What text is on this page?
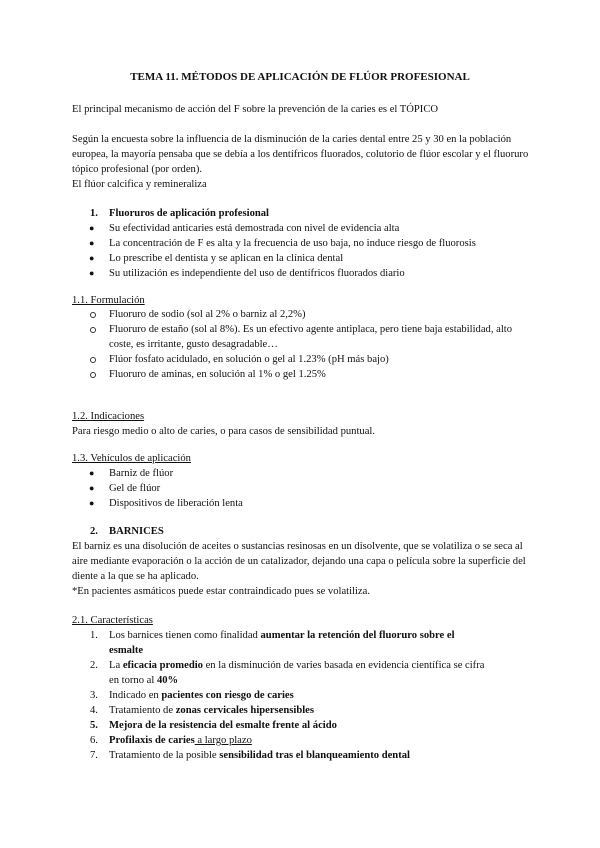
TEMA 11. MÉTODOS DE APLICACIÓN DE FLÚOR PROFESIONAL

El principal mecanismo de acción del F sobre la prevención de la caries es el TÓPICO

Según la encuesta sobre la influencia de la disminución de la caries dental entre 25 y 30 en la población europea, la mayoría pensaba que se debía a los dentífricos fluorados, colutorio de flúor escolar y el fluoruro tópico profesional (por orden).

El flúor calcifica y remineraliza

1. Fluoruros de aplicación profesional
● Su efectividad anticaries está demostrada con nivel de evidencia alta
● La concentración de F es alta y la frecuencia de uso baja, no induce riesgo de fluorosis
● Lo prescribe el dentista y se aplican en la clínica dental
● Su utilización es independiente del uso de dentífricos fluorados diario

1.1. Formulación

Fluoruro de sodio (sol al 2% o barniz al 2,2%)
Fluoruro de estaño (sol al 8%). Es un efectivo agente antiplaca, pero tiene baja estabilidad, alto coste, es irritante, gusto desagradable…
Flúor fosfato acidulado, en solución o gel al 1.23% (pH más bajo)
Fluoruro de aminas, en solución al 1% o gel 1.25%

1.2. Indicaciones

Para riesgo medio o alto de caries, o para casos de sensibilidad puntual.

1.3. Vehículos de aplicación

● Barniz de flúor
● Gel de flúor
● Dispositivos de liberación lenta
2. BARNICES

El barniz es una disolución de aceites o sustancias resinosas en un disolvente, que se volatiliza o se seca al aire mediante evaporación o la acción de un catalizador, dejando una capa o película sobre la superficie del diente a la que se ha aplicado.

*En pacientes asmáticos puede estar contraindicado pues se volatiliza.

2.1. Características

1. Los barnices tienen como finalidad aumentar la retención del fluoruro sobre el
esmalte
2. La eficacia promedio en la disminución de varies basada en evidencia científica se cifra
en torno al 40%
3. Indicado en pacientes con riesgo de caries
4. Tratamiento de zonas cervicales hipersensibles
5. Mejora de la resistencia del esmalte frente al ácido
6. Profilaxis de caries a largo plazo
7. Tratamiento de la posible sensibilidad tras el blanqueamiento dental
